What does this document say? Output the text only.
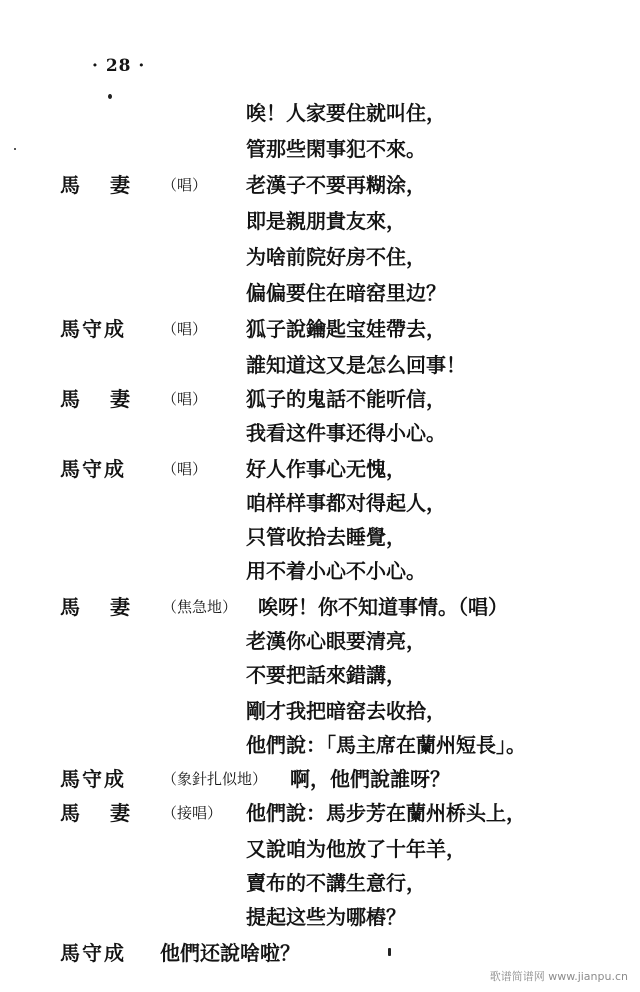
· 28 ·
唉！人家要住就叫住，
管那些閑事犯不來。
馬妻 （唱） 老漢子不要再糊涂，
即是親朋貴友來，
为啥前院好房不住，
偏偏要住在暗窑里边？
馬守成 （唱） 狐子說鑰匙宝娃帶去，
誰知道这又是怎么回事！
馬妻 （唱） 狐子的鬼話不能听信，
我看这件事还得小心。
馬守成 （唱） 好人作事心无愧，
咱样样事都对得起人，
只管收拾去睡覺，
用不着小心不小心。
馬妻 （焦急地） 唉呀！你不知道事情。（唱）
老漢你心眼要清亮，
不要把話來錯講，
剛才我把暗窑去收拾，
他們說：「馬主席在蘭州短長」。
馬守成 （象針扎似地） 啊，他們說誰呀？
馬妻 （接唱） 他們說：馬步芳在蘭州桥头上，
又說咱为他放了十年羊，
賣布的不講生意行，
提起这些为哪樁？
馬守成 他們还說啥啦？
歌谱简谱网 www.jianpu.cn
